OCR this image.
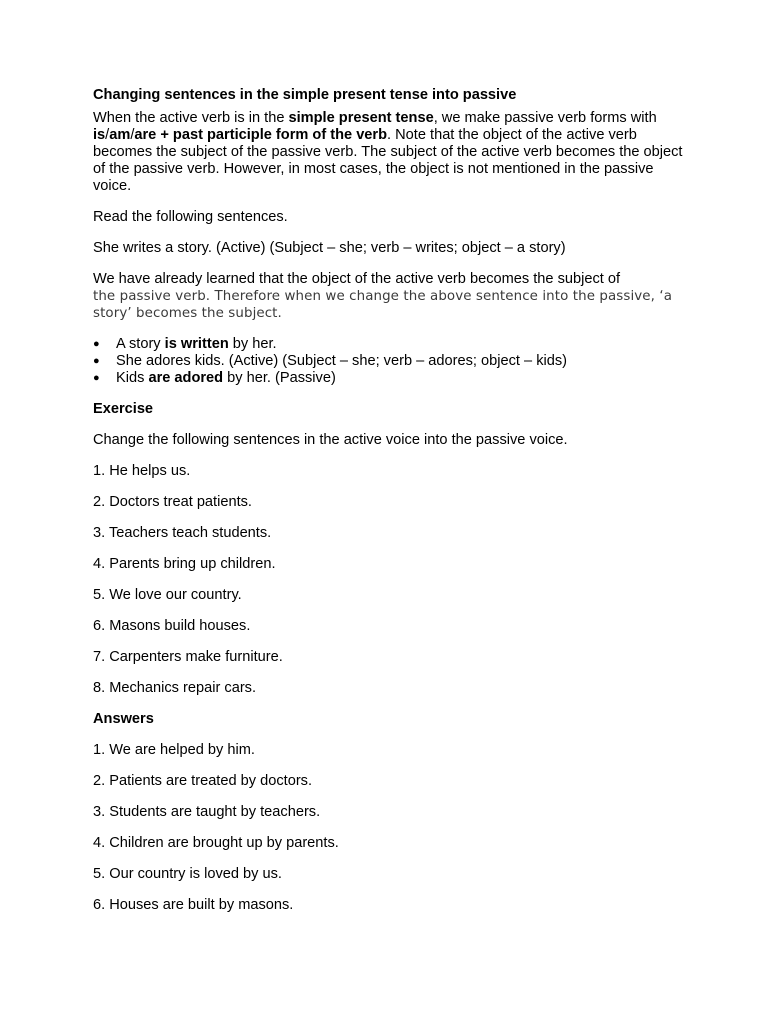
Changing sentences in the simple present tense into passive

When the active verb is in the simple present tense, we make passive verb forms with is/am/are + past participle form of the verb. Note that the object of the active verb becomes the subject of the passive verb. The subject of the active verb becomes the object of the passive verb. However, in most cases, the object is not mentioned in the passive voice.

Read the following sentences.

She writes a story. (Active) (Subject – she; verb – writes; object – a story)

We have already learned that the object of the active verb becomes the subject of
the passive verb. Therefore when we change the above sentence into the passive, ‘a story’ becomes the subject.

● A story is written by her.
● She adores kids. (Active) (Subject – she; verb – adores; object – kids)
● Kids are adored by her. (Passive)

Exercise

Change the following sentences in the active voice into the passive voice.

1. He helps us.

2. Doctors treat patients.

3. Teachers teach students.

4. Parents bring up children.

5. We love our country.

6. Masons build houses.

7. Carpenters make furniture.

8. Mechanics repair cars.

Answers

1. We are helped by him.

2. Patients are treated by doctors.

3. Students are taught by teachers.

4. Children are brought up by parents.

5. Our country is loved by us.

6. Houses are built by masons.
